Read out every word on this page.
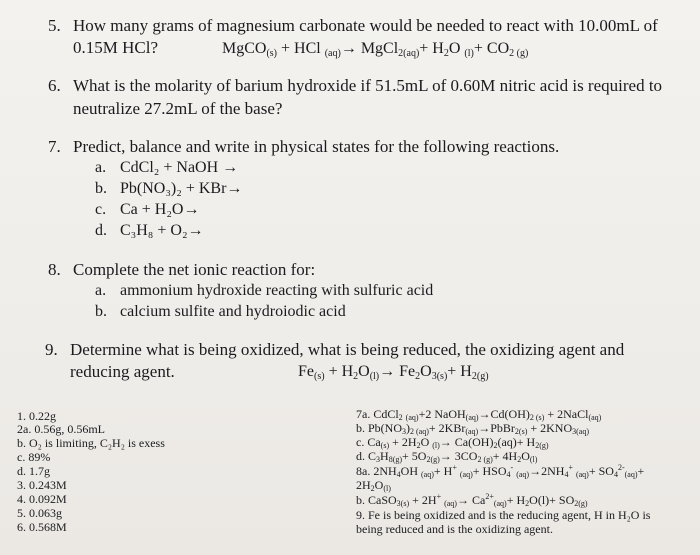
5. How many grams of magnesium carbonate would be needed to react with 10.00mL of
0.15M HCl?	MgCO$_{(s)}$ + HCl $_{(aq)}$→ MgCl$_{2(aq)}$+ $H_2O$ $_{(l)}+ CO_{2 (g)}$
6. What is the molarity of barium hydroxide if 51.5mL of 0.60M nitric acid is required to
neutralize 27.2mL of the base?
7. Predict, balance and write in physical states for the following reactions.
a. CdCl₂ + NaOH →
b. Pb(NO₃)₂ + KBr→
c. Ca + H₂O→
d. C₃H₈ + O₂→
8. Complete the net ionic reaction for:
a. ammonium hydroxide reacting with sulfuric acid
b. calcium sulfite and hydroiodic acid
9. Determine what is being oxidized, what is being reduced, the oxidizing agent and
reducing agent.	$Fe_{(s)} + H_2O_{(l)}\to Fe_2O_{3(s)}+ H_{2(g)}$
1. 0.22g
2a. 0.56g, 0.56mL
b. O₂ is limiting, C₂H₂ is exess
c. 89%
d. 1.7g
3. 0.243M
4. 0.092M
5. 0.063g
6. 0.568M
7a. CdCl$_2$ $_{(aq)}$+2 $NaOH_{(aq)}\to Cd(OH)_{2 (s)}$ + 2NaCl$_{(aq)}$
b. $Pb(NO_3)_{2 (aq)}+$ 2KBr$_{(aq)}$→PbBr$_{2(s)}$ + $2KNO_{3(aq)}$
c. $Ca_{(s)} + 2H_2O$ $_{(l)}\to Ca(OH)_2(aq)+ H_{2(g)}$
d. $C_3H_{8(g)}+ 5O_{2(g)}\to 3CO_{2 (g)}+ 4H_2O_{(l)}$
8a. $2NH_4OH$ $_{(aq)}$+ H+ $_{(aq)}+ HSO_4^-$ $_{(aq)}\to 2NH_4^+$ $_{(aq)}+ SO_4^{2-}_{(aq)}+$
$2H_2O_{(l)}$
b. CaSO$_{3(s)}$ + 2H+ $_{(aq)}\to Ca^{2+}_{(aq)}+ H_2O(l)+ SO_{2(g)}$
9. Fe is being oxidized and is the reducing agent, H in H₂O is
being reduced and is the oxidizing agent.
